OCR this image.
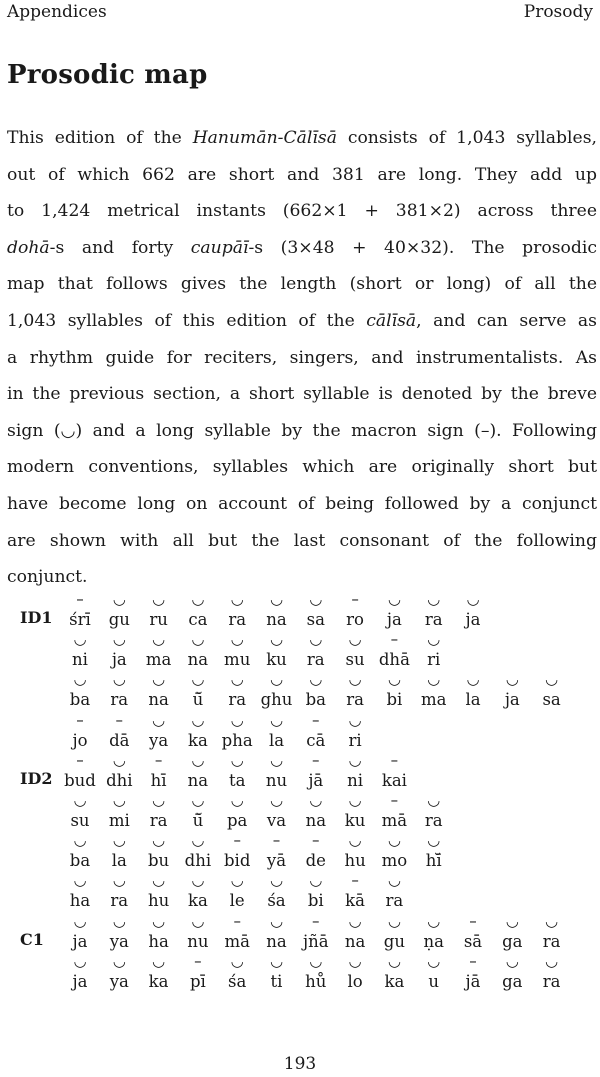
Appendices	Prosody
Prosodic map

This edition of the Hanumān-Cālīsā consists of 1,043 syllables,
out of which 662 are short and 381 are long. They add up
to 1,424 metrical instants (662×1 + 381×2) across three
dohā-s and forty caupāī-s (3×48 + 40×32). The prosodic
map that follows gives the length (short or long) of all the
1,043 syllables of this edition of the cālīsā, and can serve as
a rhythm guide for reciters, singers, and instrumentalists. As
in the previous section, a short syllable is denoted by the breve
sign (◡) and a long syllable by the macron sign (–). Following
modern conventions, syllables which are originally short but
have become long on account of being followed by a conjunct
are shown with all but the last consonant of the following
conjunct.

ID1
–
śrī
◡
gu
◡
ru
◡
ca
◡
ra
◡
na
◡
sa
–
ro
◡
ja
◡
ra
◡
ja
◡
ni
◡
ja
◡
ma
◡
na
◡
mu
◡
ku
◡
ra
◡
su
–
dhā
◡
ri
◡
ba
◡
ra
◡
na
◡
ū̆
◡
ra
◡
ghu
◡
ba
◡
ra
◡
bi
◡
ma
◡
la
◡
ja
◡
sa
–
jo
–
dā
◡
ya
◡
ka
◡
pha
◡
la
–
cā
◡
ri
ID2
–
bud
◡
dhi
–
hī
◡
na
◡
ta
◡
nu
–
jā
◡
ni
–
kai
◡
su
◡
mi
◡
ra
◡
ū̆
◡
pa
◡
va
◡
na
◡
ku
–
mā
◡
ra
◡
ba
◡
la
◡
bu
◡
dhi
–
bid
–
yā
–
de
◡
hu
◡
mo
◡
hī̆
◡
ha
◡
ra
◡
hu
◡
ka
◡
le
◡
śa
◡
bi
–
kā
◡
ra
C1
◡
ja
◡
ya
◡
ha
◡
nu
–
mā
◡
na
–
jñā
◡
na
◡
gu
◡
ṇa
–
sā
◡
ga
◡
ra
◡
ja
◡
ya
◡
ka
–
pī
◡
śa
◡
ti
◡
hů
◡
lo
◡
ka
◡
u
–
jā
◡
ga
◡
ra
193
